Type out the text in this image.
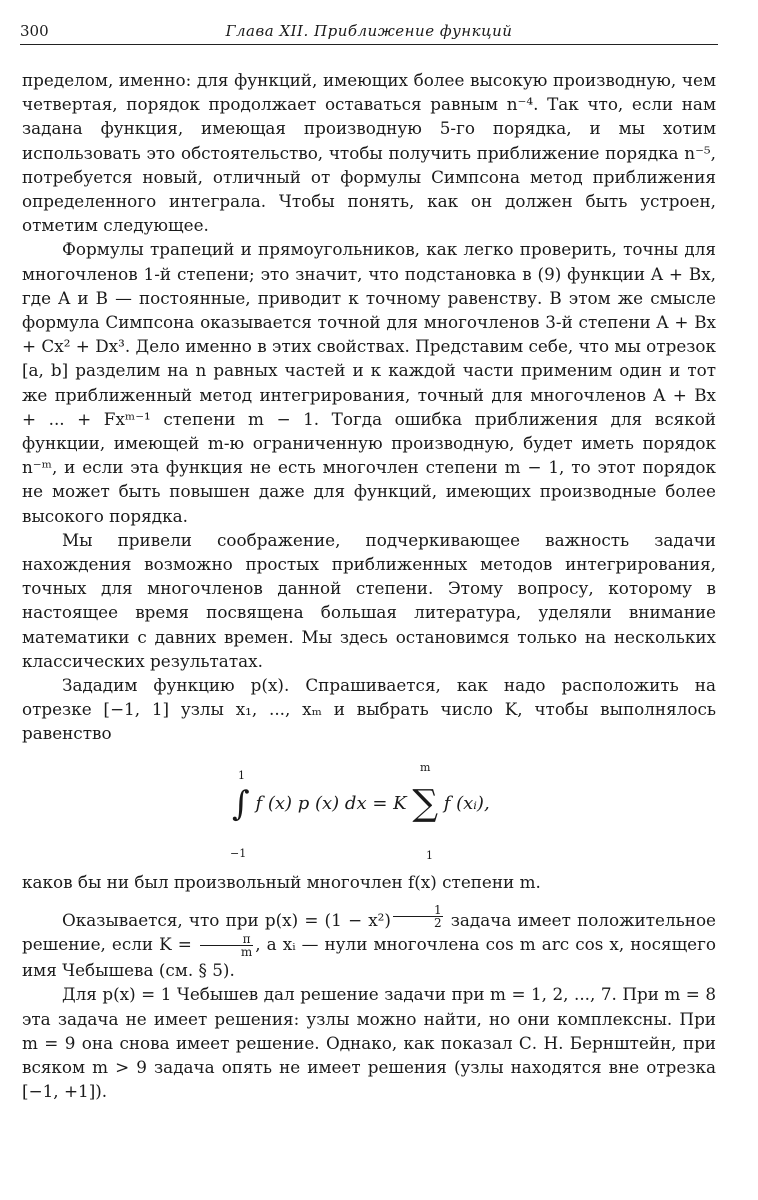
300	Глава XII. Приближение функций

пределом, именно: для функций, имеющих более высокую производную, чем четвертая, порядок продолжает оставаться равным n⁻⁴. Так что, если нам задана функция, имеющая производную 5-го порядка, и мы хотим использовать это обстоятельство, чтобы получить приближение порядка n⁻⁵, потребуется новый, отличный от формулы Симпсона метод приближения определенного интеграла. Чтобы понять, как он должен быть устроен, отметим следующее.

Формулы трапеций и прямоугольников, как легко проверить, точны для многочленов 1-й степени; это значит, что подстановка в (9) функции A + Bx, где A и B — постоянные, приводит к точному равенству. В этом же смысле формула Симпсона оказывается точной для многочленов 3-й степени A + Bx + Cx² + Dx³. Дело именно в этих свойствах. Представим себе, что мы отрезок [a, b] разделим на n равных частей и к каждой части применим один и тот же приближенный метод интегрирования, точный для многочленов A + Bx + ... + Fxᵐ⁻¹ степени m − 1. Тогда ошибка приближения для всякой функции, имеющей m-ю ограниченную производную, будет иметь порядок n⁻ᵐ, и если эта функция не есть многочлен степени m − 1, то этот порядок не может быть повышен даже для функций, имеющих производные более высокого порядка.

Мы привели соображение, подчеркивающее важность задачи нахождения возможно простых приближенных методов интегрирования, точных для многочленов данной степени. Этому вопросу, которому в настоящее время посвящена большая литература, уделяли внимание математики с давних времен. Мы здесь остановимся только на нескольких классических результатах.

Зададим функцию p(x). Спрашивается, как надо расположить на отрезке [−1, 1] узлы x₁, ..., xₘ и выбрать число K, чтобы выполнялось равенство

1
−1
m
1
∫ f (x) p (x) dx = K ∑ f (xᵢ),

каков бы ни был произвольный многочлен f(x) степени m.

Оказывается, что при p(x) = (1 − x²) $^{\frac{1}{2}}$ задача имеет положительное решение, если $K = \frac{\pi}{m}$ , а xᵢ — нули многочлена cos m arc cos x, носящего имя Чебышева (см. § 5).

Для p(x) = 1 Чебышев дал решение задачи при m = 1, 2, ..., 7. При m = 8 эта задача не имеет решения: узлы можно найти, но они комплексны. При m = 9 она снова имеет решение. Однако, как показал С. Н. Бернштейн, при всяком m > 9 задача опять не имеет решения (узлы находятся вне отрезка [−1, +1]).
